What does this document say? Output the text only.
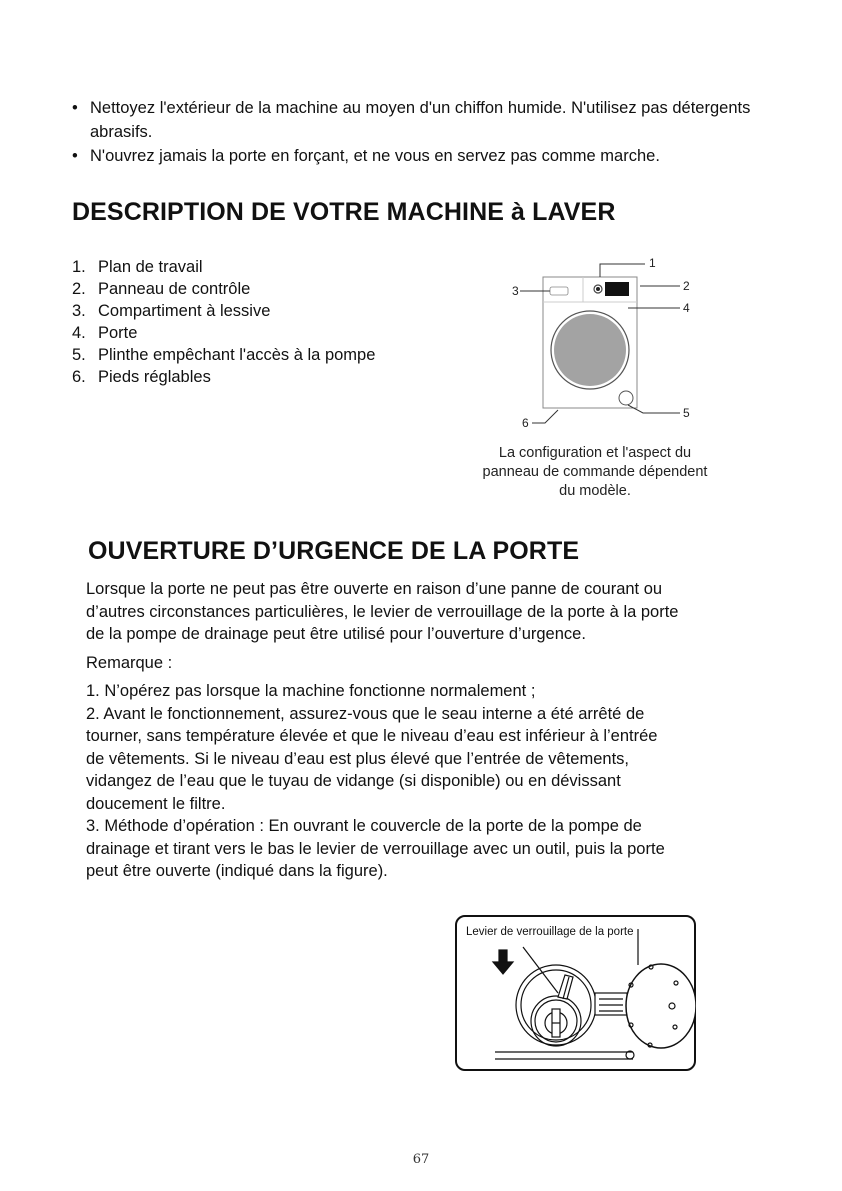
• Nettoyez l'extérieur de la machine au moyen d'un chiffon humide. N'utilisez pas détergents abrasifs.
• N'ouvrez jamais la porte en forçant, et ne vous en servez pas comme marche.
DESCRIPTION DE VOTRE MACHINE à LAVER
1. Plan de travail
2. Panneau de contrôle
3. Compartiment à lessive
4. Porte
5. Plinthe empêchant l'accès à la pompe
6. Pieds réglables
1
2
3
4
5
6
La configuration et l'aspect du
panneau de commande dépendent
du modèle.
OUVERTURE D’URGENCE DE LA PORTE

Lorsque la porte ne peut pas être ouverte en raison d’une panne de courant ou

d’autres circonstances particulières, le levier de verrouillage de la porte à la porte

de la pompe de drainage peut être utilisé pour l’ouverture d’urgence.

Remarque :

1. N’opérez pas lorsque la machine fonctionne normalement ;

2. Avant le fonctionnement, assurez-vous que le seau interne a été arrêté de

tourner, sans température élevée et que le niveau d’eau est inférieur à l’entrée

de vêtements. Si le niveau d’eau est plus élevé que l’entrée de vêtements,

vidangez de l’eau que le tuyau de vidange (si disponible) ou en dévissant

doucement le filtre.

3. Méthode d’opération : En ouvrant le couvercle de la porte de la pompe de

drainage et tirant vers le bas le levier de verrouillage avec un outil, puis la porte

peut être ouverte (indiqué dans la figure).

Levier de verrouillage de la porte
67
